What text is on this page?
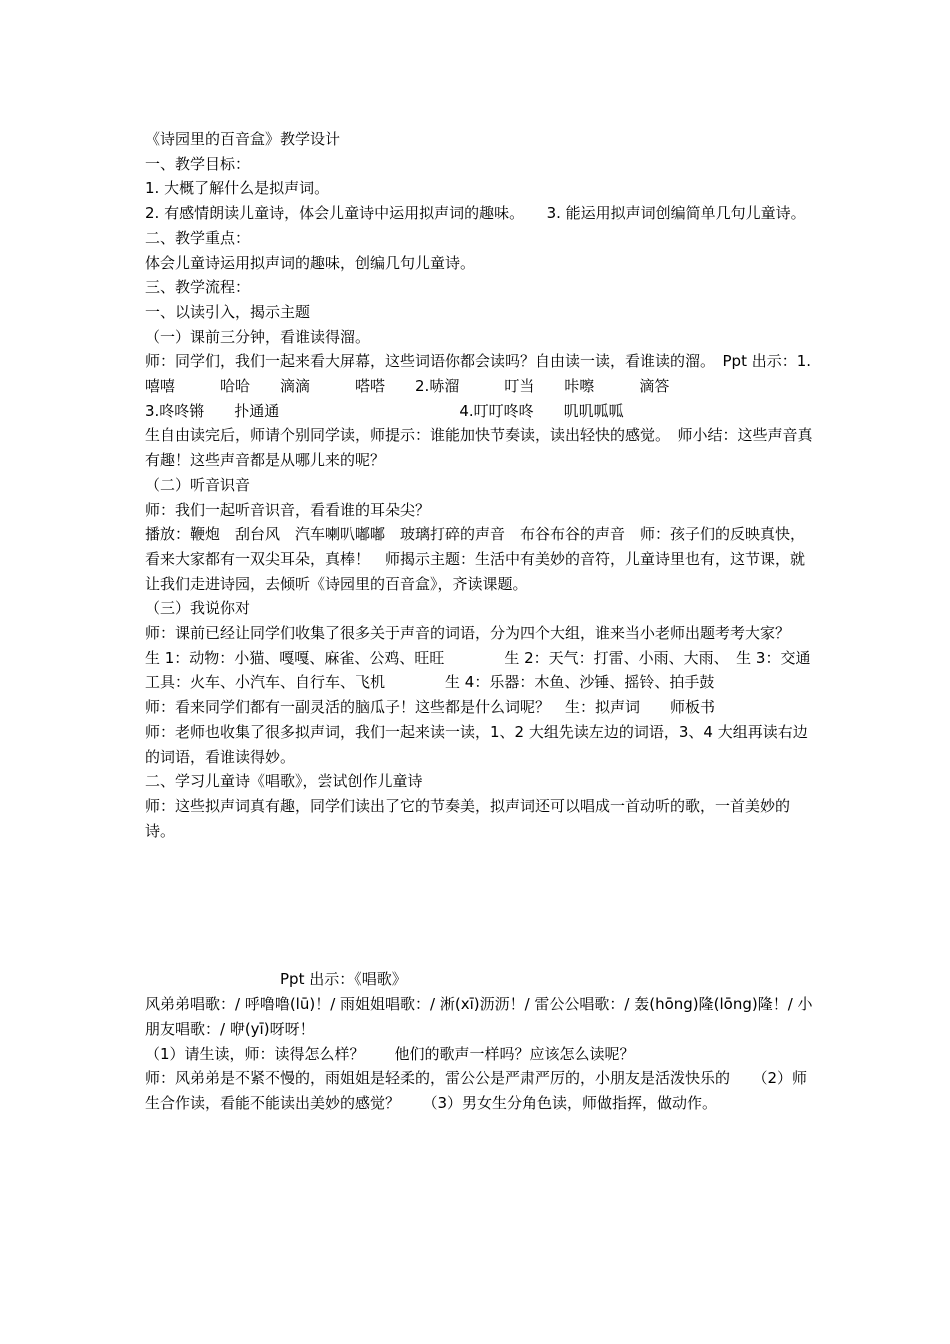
《诗园里的百音盒》教学设计

一、教学目标：

1. 大概了解什么是拟声词。

2. 有感情朗读儿童诗，体会儿童诗中运用拟声词的趣味。　　3. 能运用拟声词创编简单几句儿童诗。

二、教学重点：

体会儿童诗运用拟声词的趣味，创编几句儿童诗。

三、教学流程：

一、以读引入，揭示主题

（一）课前三分钟，看谁读得溜。

师：同学们，我们一起来看大屏幕，这些词语你都会读吗？自由读一读，看谁读的溜。　Ppt 出示：1.嘻嘻　　　哈哈　　滴滴　　　嗒嗒　　2.哧溜　　　叮当　　咔嚓　　　滴答

3.咚咚锵　　扑通通　　　　　　　　　　　　4.叮叮咚咚　　叽叽呱呱

生自由读完后，师请个别同学读，师提示：谁能加快节奏读，读出轻快的感觉。　师小结：这些声音真有趣！这些声音都是从哪儿来的呢？

（二）听音识音

师：我们一起听音识音，看看谁的耳朵尖？

播放：鞭炮　刮台风　汽车喇叭嘟嘟　玻璃打碎的声音　布谷布谷的声音　师：孩子们的反映真快，看来大家都有一双尖耳朵，真棒！　师揭示主题：生活中有美妙的音符，儿童诗里也有，这节课，就让我们走进诗园，去倾听《诗园里的百音盒》，齐读课题。

（三）我说你对

师：课前已经让同学们收集了很多关于声音的词语，分为四个大组，谁来当小老师出题考考大家？

生 1：动物：小猫、嘎嘎、麻雀、公鸡、旺旺　　　　生 2：天气：打雷、小雨、大雨、　生 3：交通工具：火车、小汽车、自行车、飞机　　　　生 4：乐器：木鱼、沙锤、摇铃、拍手鼓

师：看来同学们都有一副灵活的脑瓜子！这些都是什么词呢？　生：拟声词　　师板书

师：老师也收集了很多拟声词，我们一起来读一读，1、2 大组先读左边的词语，3、4 大组再读右边的词语，看谁读得妙。

二、学习儿童诗《唱歌》，尝试创作儿童诗

师：这些拟声词真有趣，同学们读出了它的节奏美，拟声词还可以唱成一首动听的歌，一首美妙的诗。

Ppt 出示：《唱歌》

风弟弟唱歌：/ 呼噜噜(lū)！/ 雨姐姐唱歌：/ 淅(xī)沥沥！/ 雷公公唱歌：/ 轰(hōng)隆(lōng)隆！/ 小朋友唱歌：/ 咿(yī)呀呀！

（1）请生读，师：读得怎么样？　　他们的歌声一样吗？应该怎么读呢？

师：风弟弟是不紧不慢的，雨姐姐是轻柔的，雷公公是严肃严厉的，小朋友是活泼快乐的　　（2）师生合作读，看能不能读出美妙的感觉？　　（3）男女生分角色读，师做指挥，做动作。
